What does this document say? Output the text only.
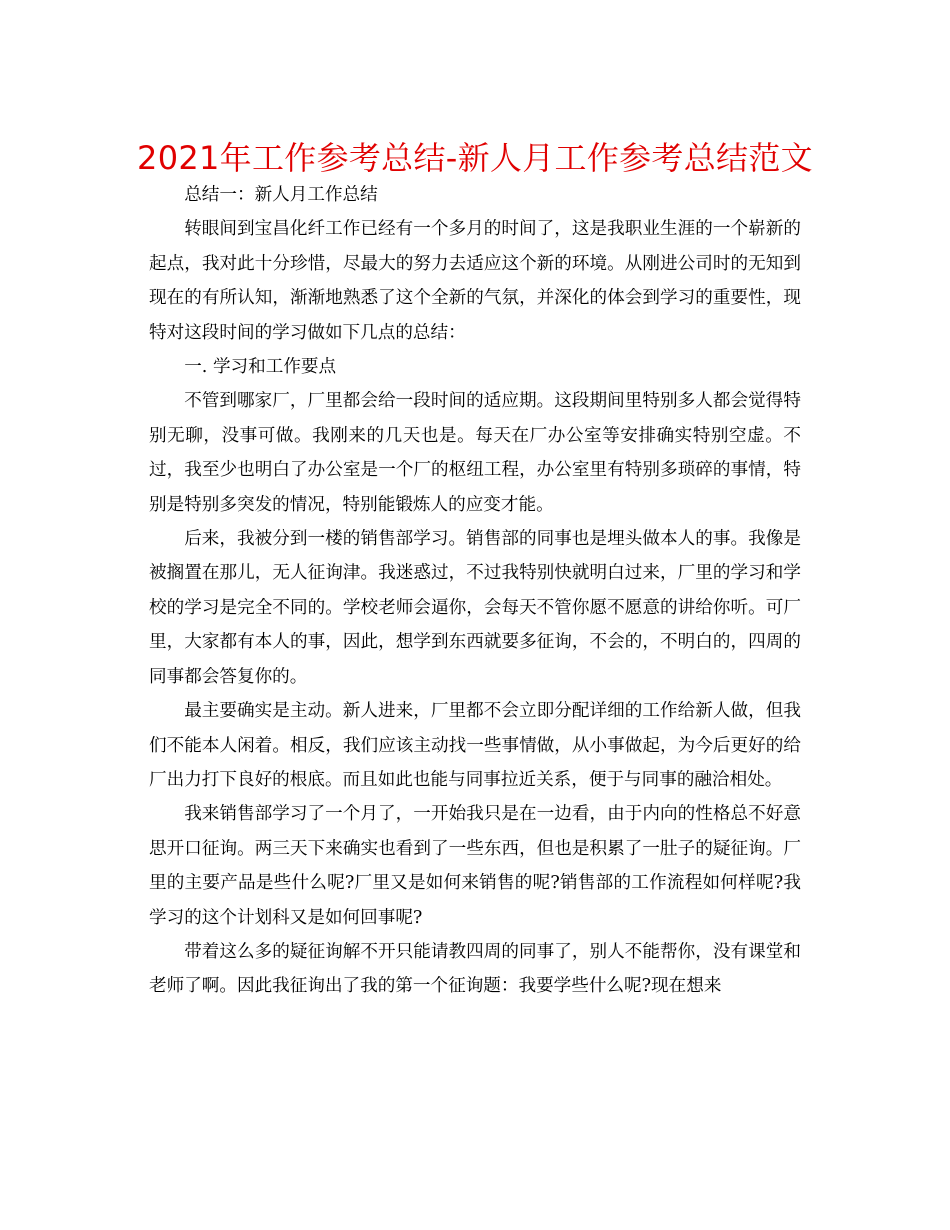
2021年工作参考总结-新人月工作参考总结范文

总结一：新人月工作总结

转眼间到宝昌化纤工作已经有一个多月的时间了，这是我职业生涯的一个崭新的起点，我对此十分珍惜，尽最大的努力去适应这个新的环境。从刚进公司时的无知到现在的有所认知，渐渐地熟悉了这个全新的气氛，并深化的体会到学习的重要性，现特对这段时间的学习做如下几点的总结：

一. 学习和工作要点

不管到哪家厂，厂里都会给一段时间的适应期。这段期间里特别多人都会觉得特别无聊，没事可做。我刚来的几天也是。每天在厂办公室等安排确实特别空虚。不过，我至少也明白了办公室是一个厂的枢纽工程，办公室里有特别多琐碎的事情，特别是特别多突发的情况，特别能锻炼人的应变才能。

后来，我被分到一楼的销售部学习。销售部的同事也是埋头做本人的事。我像是被搁置在那儿，无人征询津。我迷惑过，不过我特别快就明白过来，厂里的学习和学校的学习是完全不同的。学校老师会逼你，会每天不管你愿不愿意的讲给你听。可厂里，大家都有本人的事，因此，想学到东西就要多征询，不会的，不明白的，四周的同事都会答复你的。

最主要确实是主动。新人进来，厂里都不会立即分配详细的工作给新人做，但我们不能本人闲着。相反，我们应该主动找一些事情做，从小事做起，为今后更好的给厂出力打下良好的根底。而且如此也能与同事拉近关系，便于与同事的融洽相处。

我来销售部学习了一个月了，一开始我只是在一边看，由于内向的性格总不好意思开口征询。两三天下来确实也看到了一些东西，但也是积累了一肚子的疑征询。厂里的主要产品是些什么呢?厂里又是如何来销售的呢?销售部的工作流程如何样呢?我学习的这个计划科又是如何回事呢?

带着这么多的疑征询解不开只能请教四周的同事了，别人不能帮你，没有课堂和老师了啊。因此我征询出了我的第一个征询题：我要学些什么呢?现在想来
